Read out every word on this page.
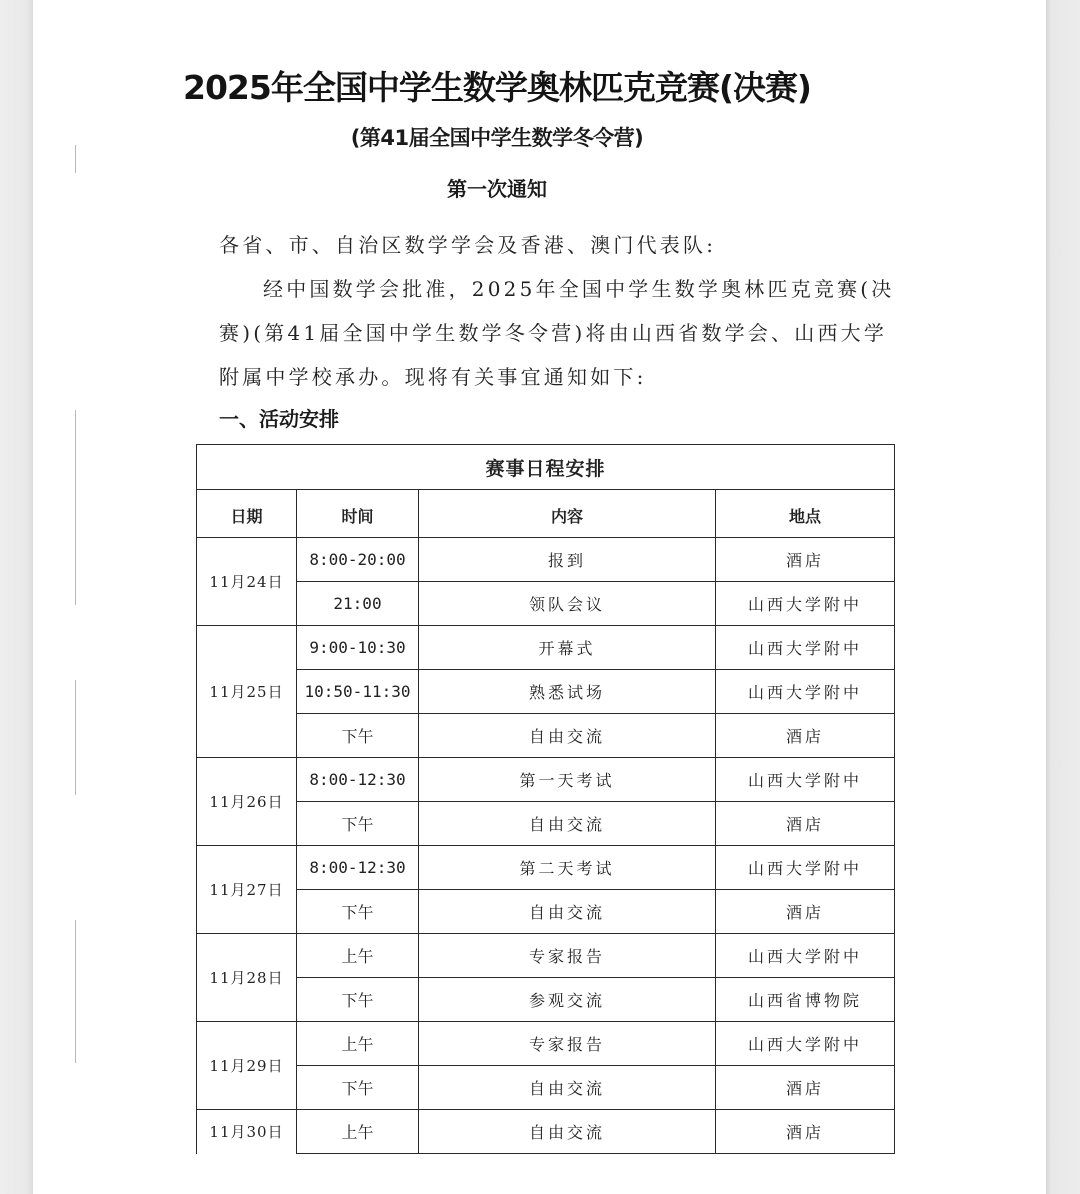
2025年全国中学生数学奥林匹克竞赛(决赛)
(第41届全国中学生数学冬令营)
第一次通知
各省、市、自治区数学学会及香港、澳门代表队:
经中国数学会批准，2025年全国中学生数学奥林匹克竞赛(决
赛)(第41届全国中学生数学冬令营)将由山西省数学会、山西大学
附属中学校承办。现将有关事宜通知如下:
一、活动安排
赛事日程安排			
日期	时间	内容	地点
11月24日	8:00-20:00	报到	酒店
	21:00	领队会议	山西大学附中
11月25日	9:00-10:30	开幕式	山西大学附中
	10:50-11:30	熟悉试场	山西大学附中
	下午	自由交流	酒店
11月26日	8:00-12:30	第一天考试	山西大学附中
	下午	自由交流	酒店
11月27日	8:00-12:30	第二天考试	山西大学附中
	下午	自由交流	酒店
11月28日	上午	专家报告	山西大学附中
	下午	参观交流	山西省博物院
11月29日	上午	专家报告	山西大学附中
	下午	自由交流	酒店
11月30日	上午	自由交流	酒店
